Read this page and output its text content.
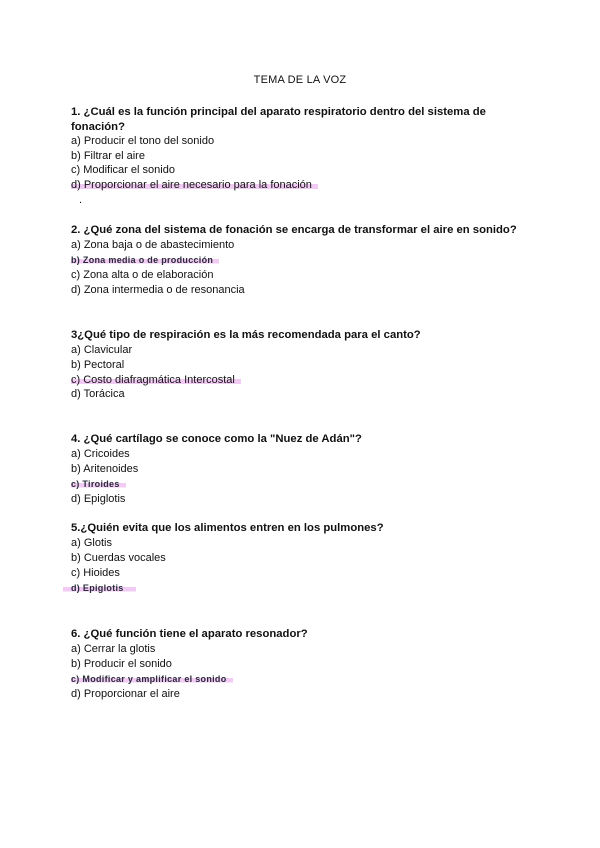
TEMA DE LA VOZ
1. ¿Cuál es la función principal del aparato respiratorio dentro del sistema de fonación?
a) Producir el tono del sonido
b) Filtrar el aire
c) Modificar el sonido
d) Proporcionar el aire necesario para la fonación
.
2. ¿Qué zona del sistema de fonación se encarga de transformar el aire en sonido?
a) Zona baja o de abastecimiento
b) Zona media o de producción
c) Zona alta o de elaboración
d) Zona intermedia o de resonancia
3¿Qué tipo de respiración es la más recomendada para el canto?
a) Clavicular
b) Pectoral
c) Costo diafragmática Intercostal
d) Torácica
4. ¿Qué cartílago se conoce como la "Nuez de Adán"?
a) Cricoides
b) Aritenoides
c) Tiroides
d) Epiglotis
5.¿Quién evita que los alimentos entren en los pulmones?
a) Glotis
b) Cuerdas vocales
c) Hioides
d) Epiglotis
6. ¿Qué función tiene el aparato resonador?
a) Cerrar la glotis
b) Producir el sonido
c) Modificar y amplificar el sonido
d) Proporcionar el aire
